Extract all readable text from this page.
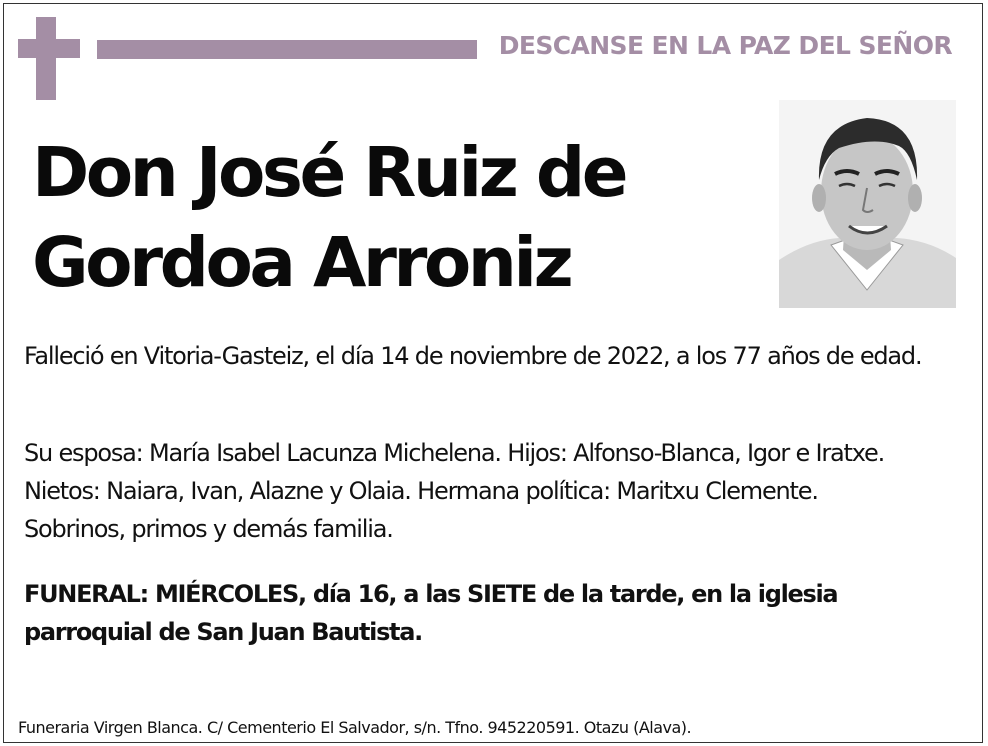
DESCANSE EN LA PAZ DEL SEÑOR
Don José Ruiz de
Gordoa Arroniz
Falleció en Vitoria-Gasteiz, el día 14 de noviembre de 2022, a los 77 años de edad.
Su esposa: María Isabel Lacunza Michelena. Hijos: Alfonso-Blanca, Igor e Iratxe. Nietos: Naiara, Ivan, Alazne y Olaia. Hermana política: Maritxu Clemente. Sobrinos, primos y demás familia.
FUNERAL: MIÉRCOLES, día 16, a las SIETE de la tarde, en la iglesia parroquial de San Juan Bautista.
Funeraria Virgen Blanca. C/ Cementerio El Salvador, s/n. Tfno. 945220591. Otazu (Alava).
